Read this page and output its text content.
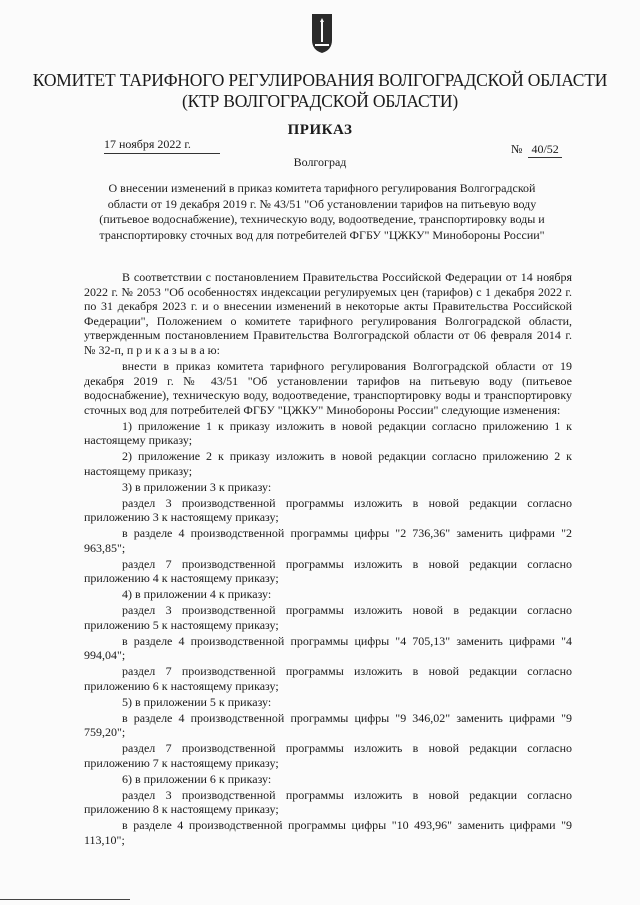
КОМИТЕТ ТАРИФНОГО РЕГУЛИРОВАНИЯ ВОЛГОГРАДСКОЙ ОБЛАСТИ
(КТР ВОЛГОГРАДСКОЙ ОБЛАСТИ)
ПРИКАЗ
17 ноября 2022 г.	№ 40/52
Волгоград
О внесении изменений в приказ комитета тарифного регулирования Волгоградской области от 19 декабря 2019 г. № 43/51 "Об установлении тарифов на питьевую воду (питьевое водоснабжение), техническую воду, водоотведение, транспортировку воды и транспортировку сточных вод для потребителей ФГБУ "ЦЖКУ" Минобороны России"

В соответствии с постановлением Правительства Российской Федерации от 14 ноября 2022 г. № 2053 "Об особенностях индексации регулируемых цен (тарифов) с 1 декабря 2022 г. по 31 декабря 2023 г. и о внесении изменений в некоторые акты Правительства Российской Федерации", Положением о комитете тарифного регулирования Волгоградской области, утвержденным постановлением Правительства Волгоградской области от 06 февраля 2014 г. № 32-п, п р и к а з ы в а ю:

внести в приказ комитета тарифного регулирования Волгоградской области от 19 декабря 2019 г. № 43/51 "Об установлении тарифов на питьевую воду (питьевое водоснабжение), техническую воду, водоотведение, транспортировку воды и транспортировку сточных вод для потребителей ФГБУ "ЦЖКУ" Минобороны России" следующие изменения:

1) приложение 1 к приказу изложить в новой редакции согласно приложению 1 к настоящему приказу;

2) приложение 2 к приказу изложить в новой редакции согласно приложению 2 к настоящему приказу;

3) в приложении 3 к приказу:

раздел 3 производственной программы изложить в новой редакции согласно приложению 3 к настоящему приказу;

в разделе 4 производственной программы цифры "2 736,36" заменить цифрами "2 963,85";

раздел 7 производственной программы изложить в новой редакции согласно приложению 4 к настоящему приказу;

4) в приложении 4 к приказу:

раздел 3 производственной программы изложить новой в редакции согласно приложению 5 к настоящему приказу;

в разделе 4 производственной программы цифры "4 705,13" заменить цифрами "4 994,04";

раздел 7 производственной программы изложить в новой редакции согласно приложению 6 к настоящему приказу;

5) в приложении 5 к приказу:

в разделе 4 производственной программы цифры "9 346,02" заменить цифрами "9 759,20";

раздел 7 производственной программы изложить в новой редакции согласно приложению 7 к настоящему приказу;

6) в приложении 6 к приказу:

раздел 3 производственной программы изложить в новой редакции согласно приложению 8 к настоящему приказу;

в разделе 4 производственной программы цифры "10 493,96" заменить цифрами "9 113,10";
